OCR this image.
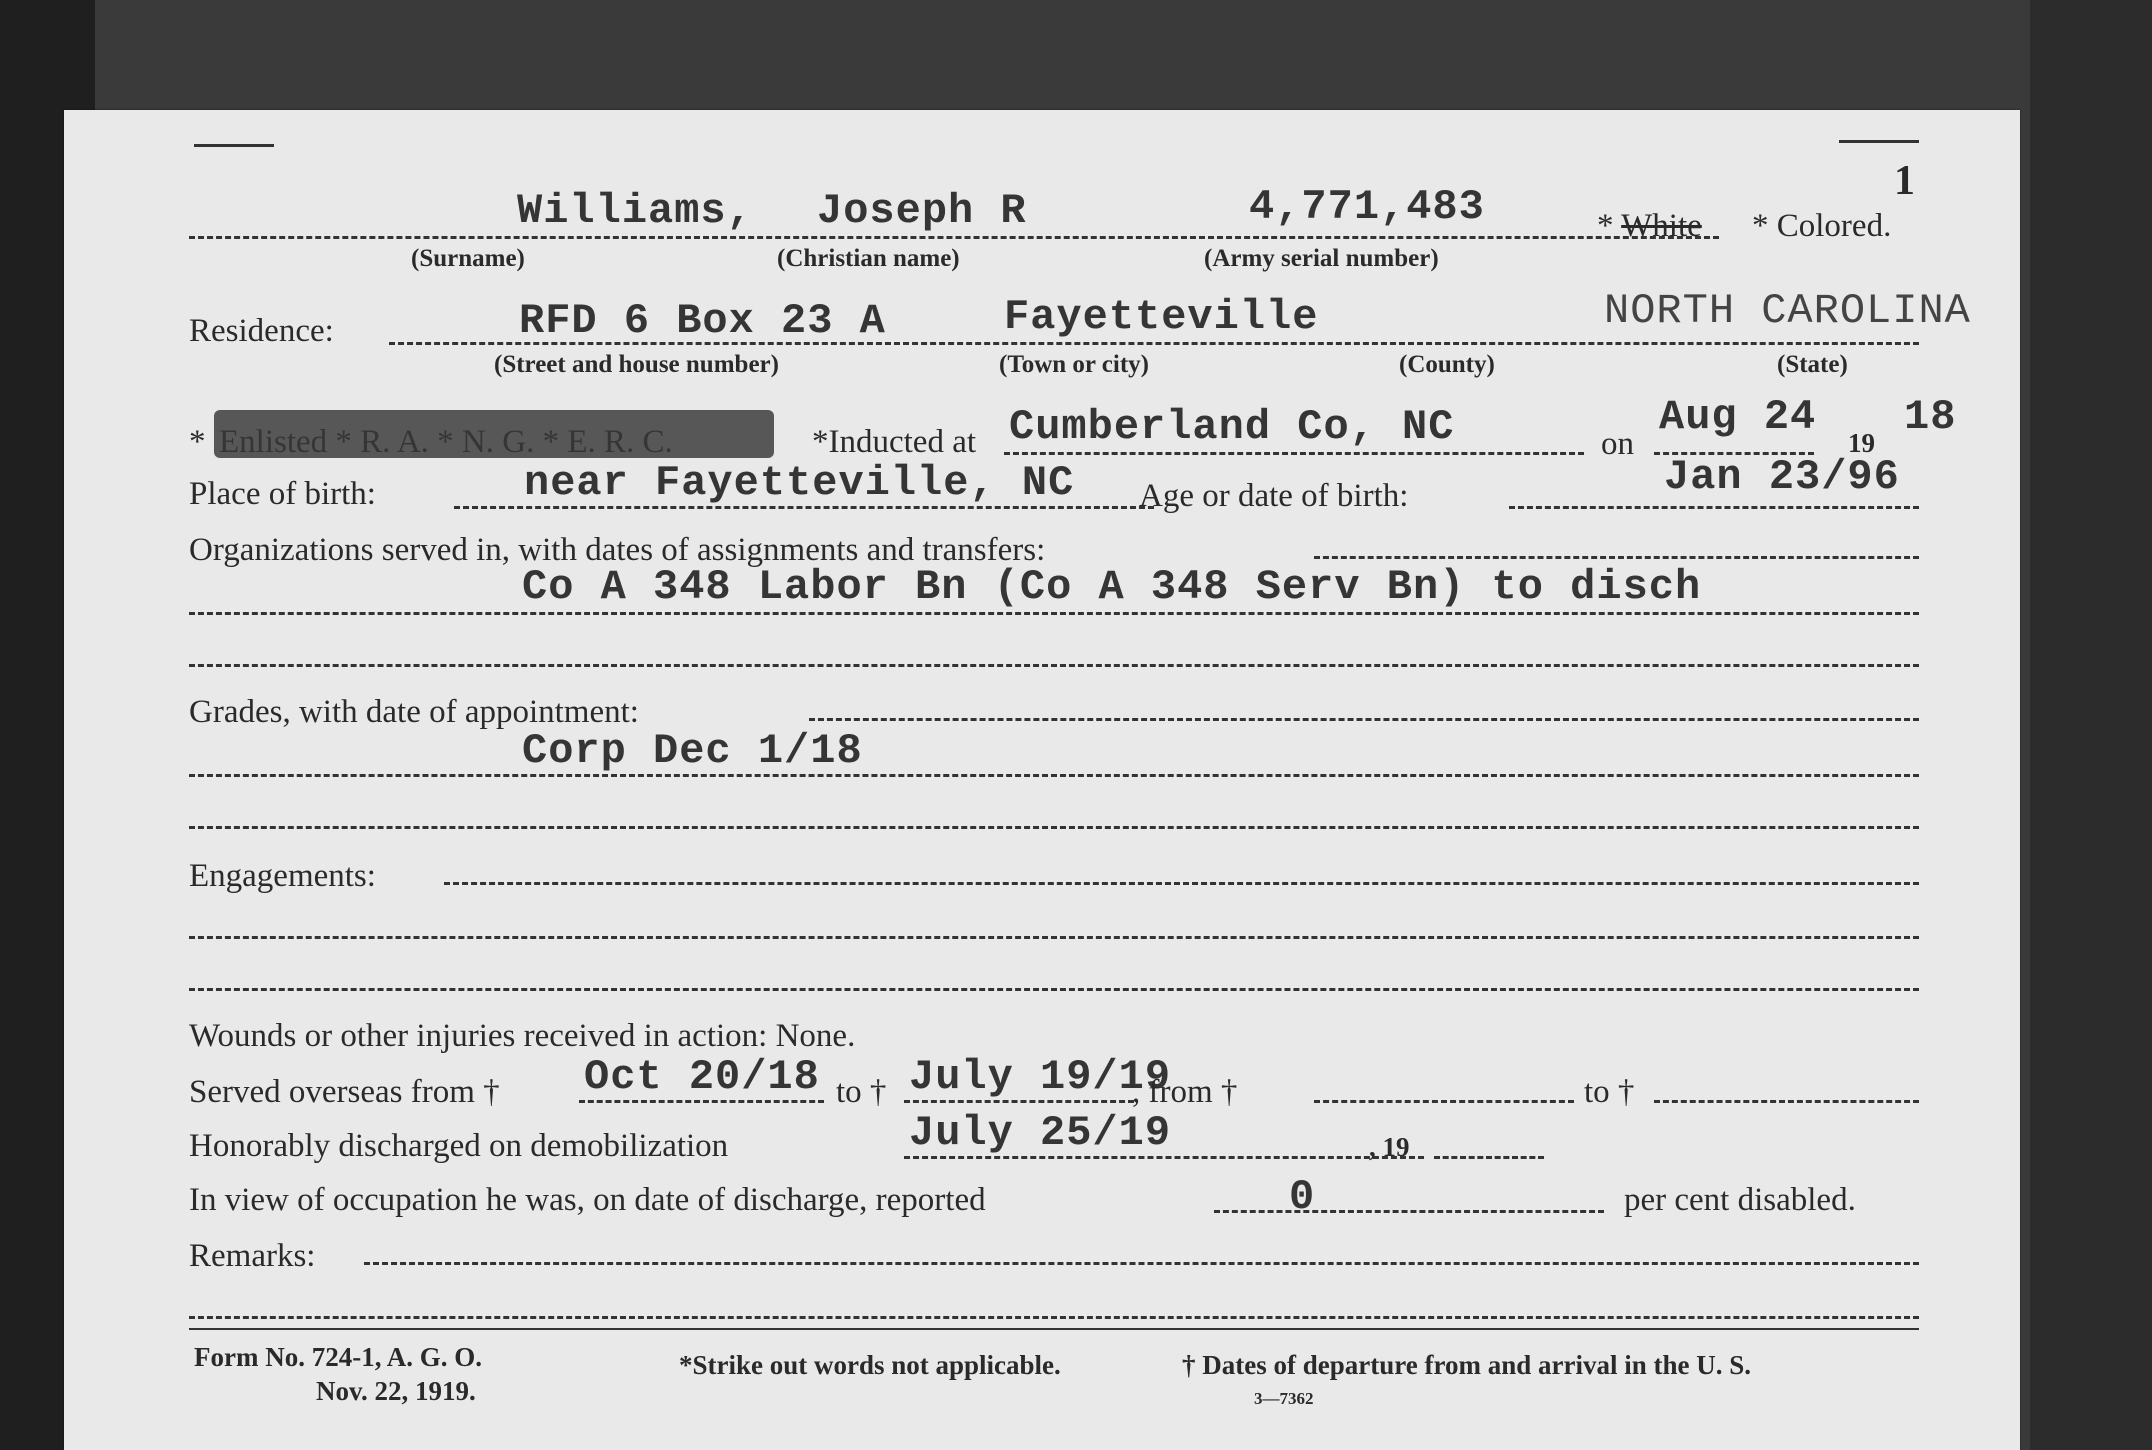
1
Williams, Joseph R	4,771,483	* White * Colored.
(Surname)	(Christian name)	(Army serial number)
Residence:	RFD 6 Box 23 A	Fayetteville	NORTH CAROLINA
(Street and house number)	(Town or city)	(County)	(State)
* Enlisted * R. A. * N. G. * E. R. C.	*Inducted at Cumberland Co, NC	on
Aug 24
19
18
Place of birth:	near Fayetteville, NC Age or date of birth:	Jan 23/96
Organizations served in, with dates of assignments and transfers:
Co A 348 Labor Bn (Co A 348 Serv Bn) to disch
Grades, with date of appointment:
Corp Dec 1/18
Engagements:
Wounds or other injuries received in action: None.
Served overseas from † Oct 20/18 to † July 19/19
, from †	to †
Honorably discharged on demobilization	July 25/19	, 19
In view of occupation he was, on date of discharge, reported	0	per cent disabled.
Remarks:
Form No. 724-1, A. G. O.
Nov. 22, 1919.
*Strike out words not applicable.	† Dates of departure from and arrival in the U. S.
3—7362
